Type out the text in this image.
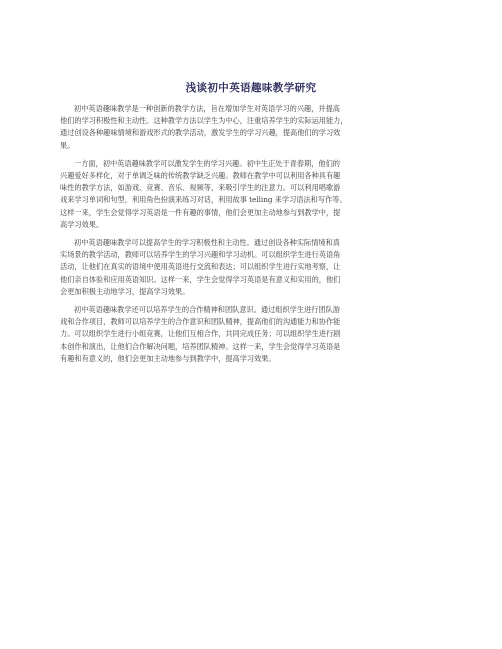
浅谈初中英语趣味教学研究

初中英语趣味教学是一种创新的教学方法，旨在增加学生对英语学习的兴趣，并提高
他们的学习积极性和主动性。这种教学方法以学生为中心，注重培养学生的实际运用能力，
通过创设各种趣味情境和游戏形式的教学活动，激发学生的学习兴趣，提高他们的学习效
果。

一方面，初中英语趣味教学可以激发学生的学习兴趣。初中生正处于青春期，他们的
兴趣爱好多样化，对于单调乏味的传统教学缺乏兴趣。教师在教学中可以利用各种具有趣
味性的教学方法，如游戏、竞赛、音乐、视频等，来吸引学生的注意力。可以利用唱歌游
戏来学习单词和句型，利用角色扮演来练习对话，利用故事 telling 来学习语法和写作等。
这样一来，学生会觉得学习英语是一件有趣的事情，他们会更加主动地参与到教学中，提
高学习效果。

初中英语趣味教学可以提高学生的学习积极性和主动性。通过创设各种实际情境和真
实场景的教学活动，教师可以培养学生的学习兴趣和学习动机。可以组织学生进行英语角
活动，让他们在真实的语境中使用英语进行交流和表达；可以组织学生进行实地考察，让
他们亲自体验和应用英语知识。这样一来，学生会觉得学习英语是有意义和实用的，他们
会更加积极主动地学习，提高学习效果。

初中英语趣味教学还可以培养学生的合作精神和团队意识。通过组织学生进行团队游
戏和合作项目，教师可以培养学生的合作意识和团队精神，提高他们的沟通能力和协作能
力。可以组织学生进行小组竞赛，让他们互相合作，共同完成任务；可以组织学生进行剧
本创作和演出，让他们合作解决问题，培养团队精神。这样一来，学生会觉得学习英语是
有趣和有意义的，他们会更加主动地参与到教学中，提高学习效果。
